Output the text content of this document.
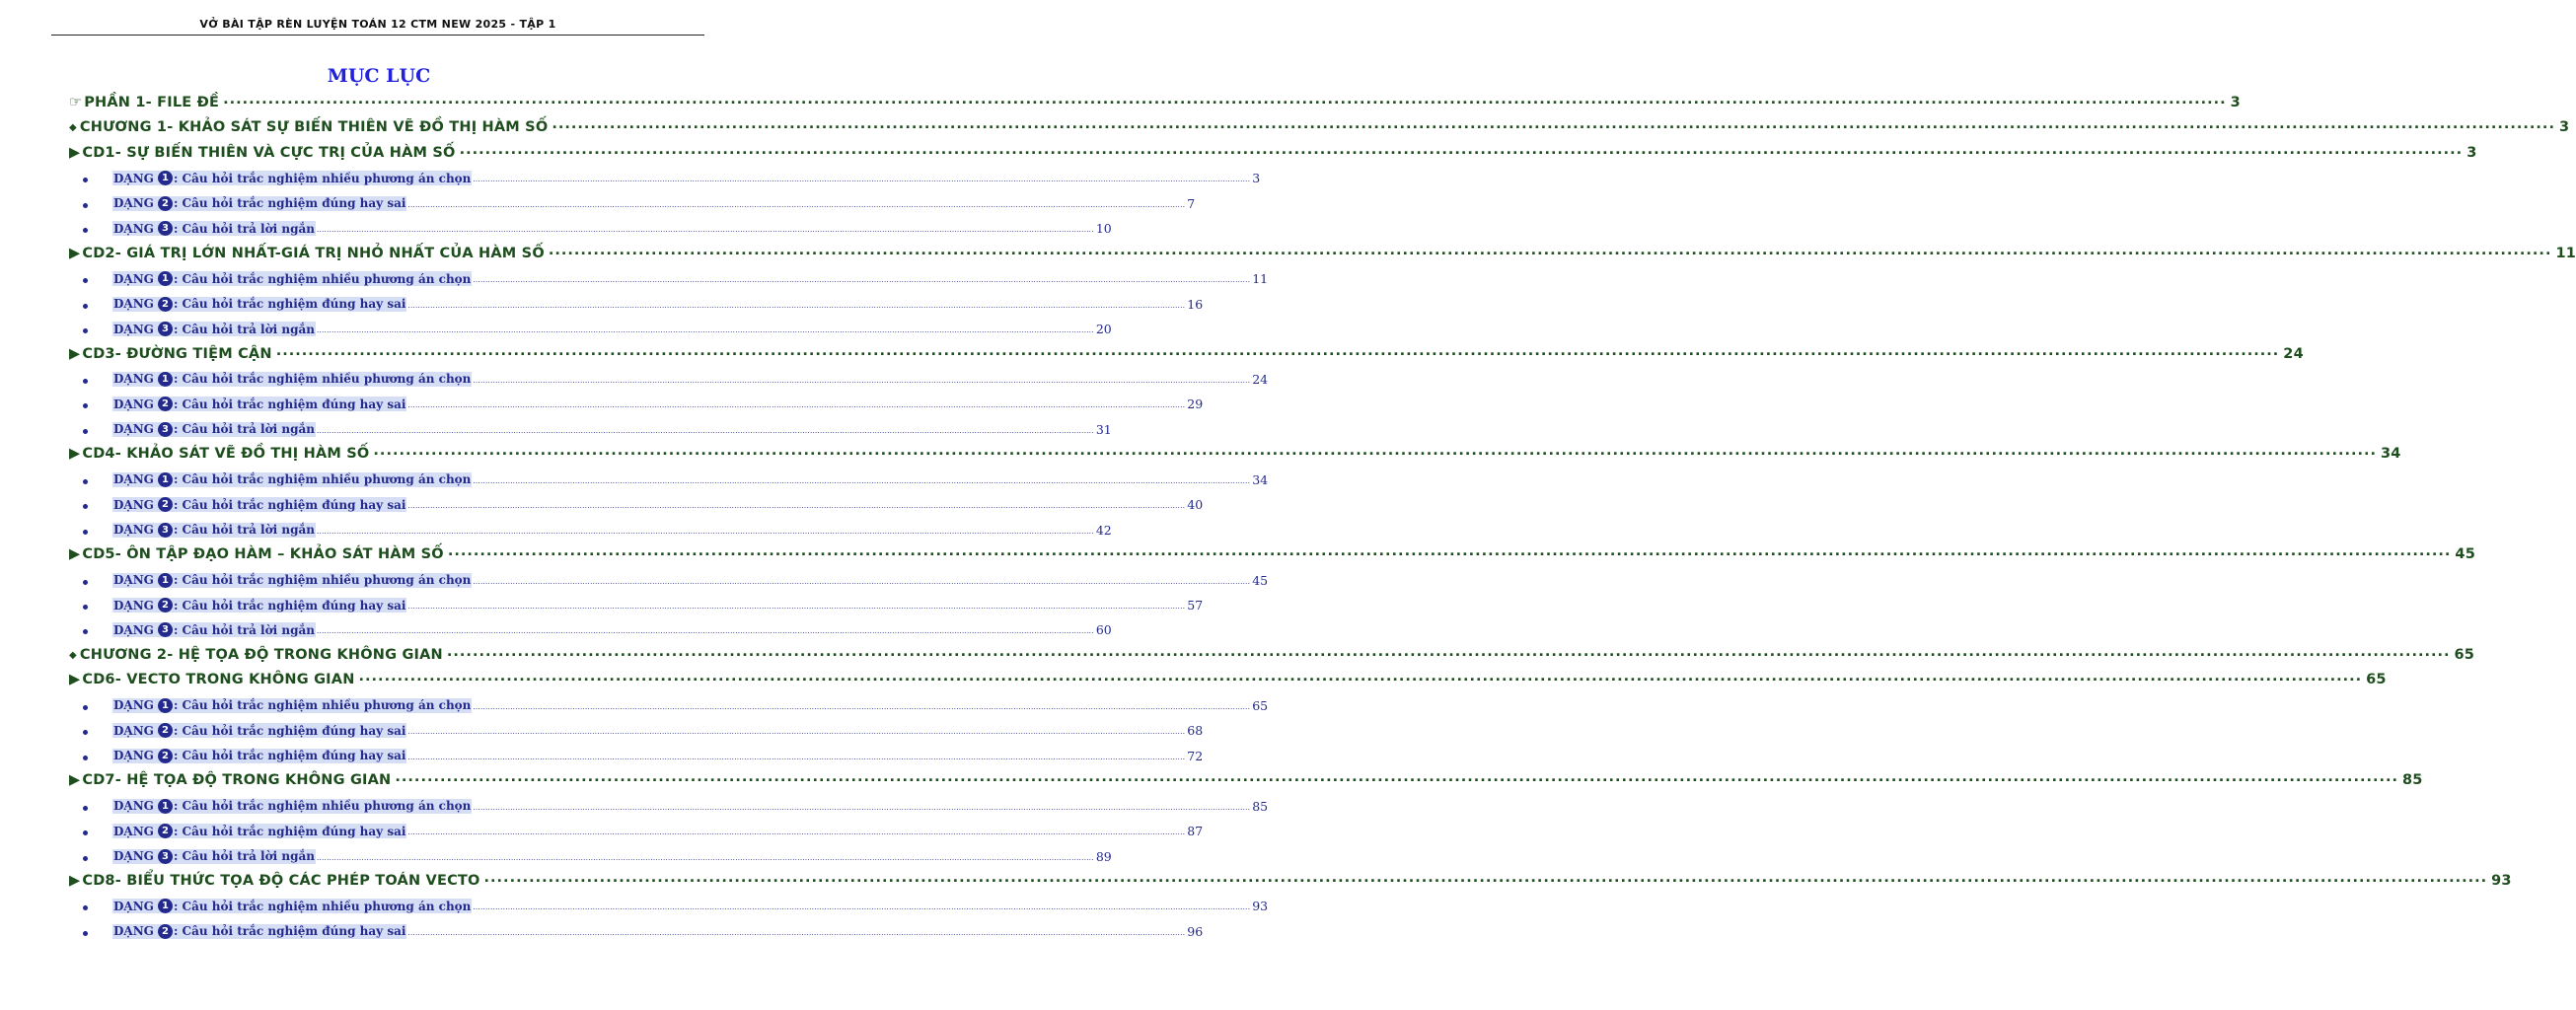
VỞ BÀI TẬP RÈN LUYỆN TOÁN 12 CTM NEW 2025 - TẬP 1
MỤC LỤC
☞ PHẦN 1- FILE ĐỀ ........................................................................................................................................................................................................................................................................................................................ 3
◆ CHƯƠNG 1- KHẢO SÁT SỰ BIẾN THIÊN VẼ ĐỒ THỊ HÀM SỐ ........................................................................................................................................................................................................................................................................................................................ 3
▶ CD1- SỰ BIẾN THIÊN VÀ CỰC TRỊ CỦA HÀM SỐ ........................................................................................................................................................................................................................................................................................................................ 3
DẠNG 1 : Câu hỏi trắc nghiệm nhiều phương án chọn ........................................................................................................................................................................................................................................................................................................................ 3
DẠNG 2 : Câu hỏi trắc nghiệm đúng hay sai ........................................................................................................................................................................................................................................................................................................................ 7
DẠNG 3 : Câu hỏi trả lời ngắn ........................................................................................................................................................................................................................................................................................................................ 10
▶ CD2- GIÁ TRỊ LỚN NHẤT-GIÁ TRỊ NHỎ NHẤT CỦA HÀM SỐ ........................................................................................................................................................................................................................................................................................................................ 11
DẠNG 1 : Câu hỏi trắc nghiệm nhiều phương án chọn ........................................................................................................................................................................................................................................................................................................................ 11
DẠNG 2 : Câu hỏi trắc nghiệm đúng hay sai ........................................................................................................................................................................................................................................................................................................................ 16
DẠNG 3 : Câu hỏi trả lời ngắn ........................................................................................................................................................................................................................................................................................................................ 20
▶ CD3- ĐƯỜNG TIỆM CẬN ........................................................................................................................................................................................................................................................................................................................ 24
DẠNG 1 : Câu hỏi trắc nghiệm nhiều phương án chọn ........................................................................................................................................................................................................................................................................................................................ 24
DẠNG 2 : Câu hỏi trắc nghiệm đúng hay sai ........................................................................................................................................................................................................................................................................................................................ 29
DẠNG 3 : Câu hỏi trả lời ngắn ........................................................................................................................................................................................................................................................................................................................ 31
▶ CD4- KHẢO SÁT VẼ ĐỒ THỊ HÀM SỐ ........................................................................................................................................................................................................................................................................................................................ 34
DẠNG 1 : Câu hỏi trắc nghiệm nhiều phương án chọn ........................................................................................................................................................................................................................................................................................................................ 34
DẠNG 2 : Câu hỏi trắc nghiệm đúng hay sai ........................................................................................................................................................................................................................................................................................................................ 40
DẠNG 3 : Câu hỏi trả lời ngắn ........................................................................................................................................................................................................................................................................................................................ 42
▶ CD5- ÔN TẬP ĐẠO HÀM – KHẢO SÁT HÀM SỐ ........................................................................................................................................................................................................................................................................................................................ 45
DẠNG 1 : Câu hỏi trắc nghiệm nhiều phương án chọn ........................................................................................................................................................................................................................................................................................................................ 45
DẠNG 2 : Câu hỏi trắc nghiệm đúng hay sai ........................................................................................................................................................................................................................................................................................................................ 57
DẠNG 3 : Câu hỏi trả lời ngắn ........................................................................................................................................................................................................................................................................................................................ 60
◆ CHƯƠNG 2- HỆ TỌA ĐỘ TRONG KHÔNG GIAN ........................................................................................................................................................................................................................................................................................................................ 65
▶ CD6- VECTO TRONG KHÔNG GIAN ........................................................................................................................................................................................................................................................................................................................ 65
DẠNG 1 : Câu hỏi trắc nghiệm nhiều phương án chọn ........................................................................................................................................................................................................................................................................................................................ 65
DẠNG 2 : Câu hỏi trắc nghiệm đúng hay sai ........................................................................................................................................................................................................................................................................................................................ 68
DẠNG 2 : Câu hỏi trắc nghiệm đúng hay sai ........................................................................................................................................................................................................................................................................................................................ 72
▶ CD7- HỆ TỌA ĐỘ TRONG KHÔNG GIAN ........................................................................................................................................................................................................................................................................................................................ 85
DẠNG 1 : Câu hỏi trắc nghiệm nhiều phương án chọn ........................................................................................................................................................................................................................................................................................................................ 85
DẠNG 2 : Câu hỏi trắc nghiệm đúng hay sai ........................................................................................................................................................................................................................................................................................................................ 87
DẠNG 3 : Câu hỏi trả lời ngắn ........................................................................................................................................................................................................................................................................................................................ 89
▶ CD8- BIỂU THỨC TỌA ĐỘ CÁC PHÉP TOÁN VECTO ........................................................................................................................................................................................................................................................................................................................ 93
DẠNG 1 : Câu hỏi trắc nghiệm nhiều phương án chọn ........................................................................................................................................................................................................................................................................................................................ 93
DẠNG 2 : Câu hỏi trắc nghiệm đúng hay sai ........................................................................................................................................................................................................................................................................................................................ 96
